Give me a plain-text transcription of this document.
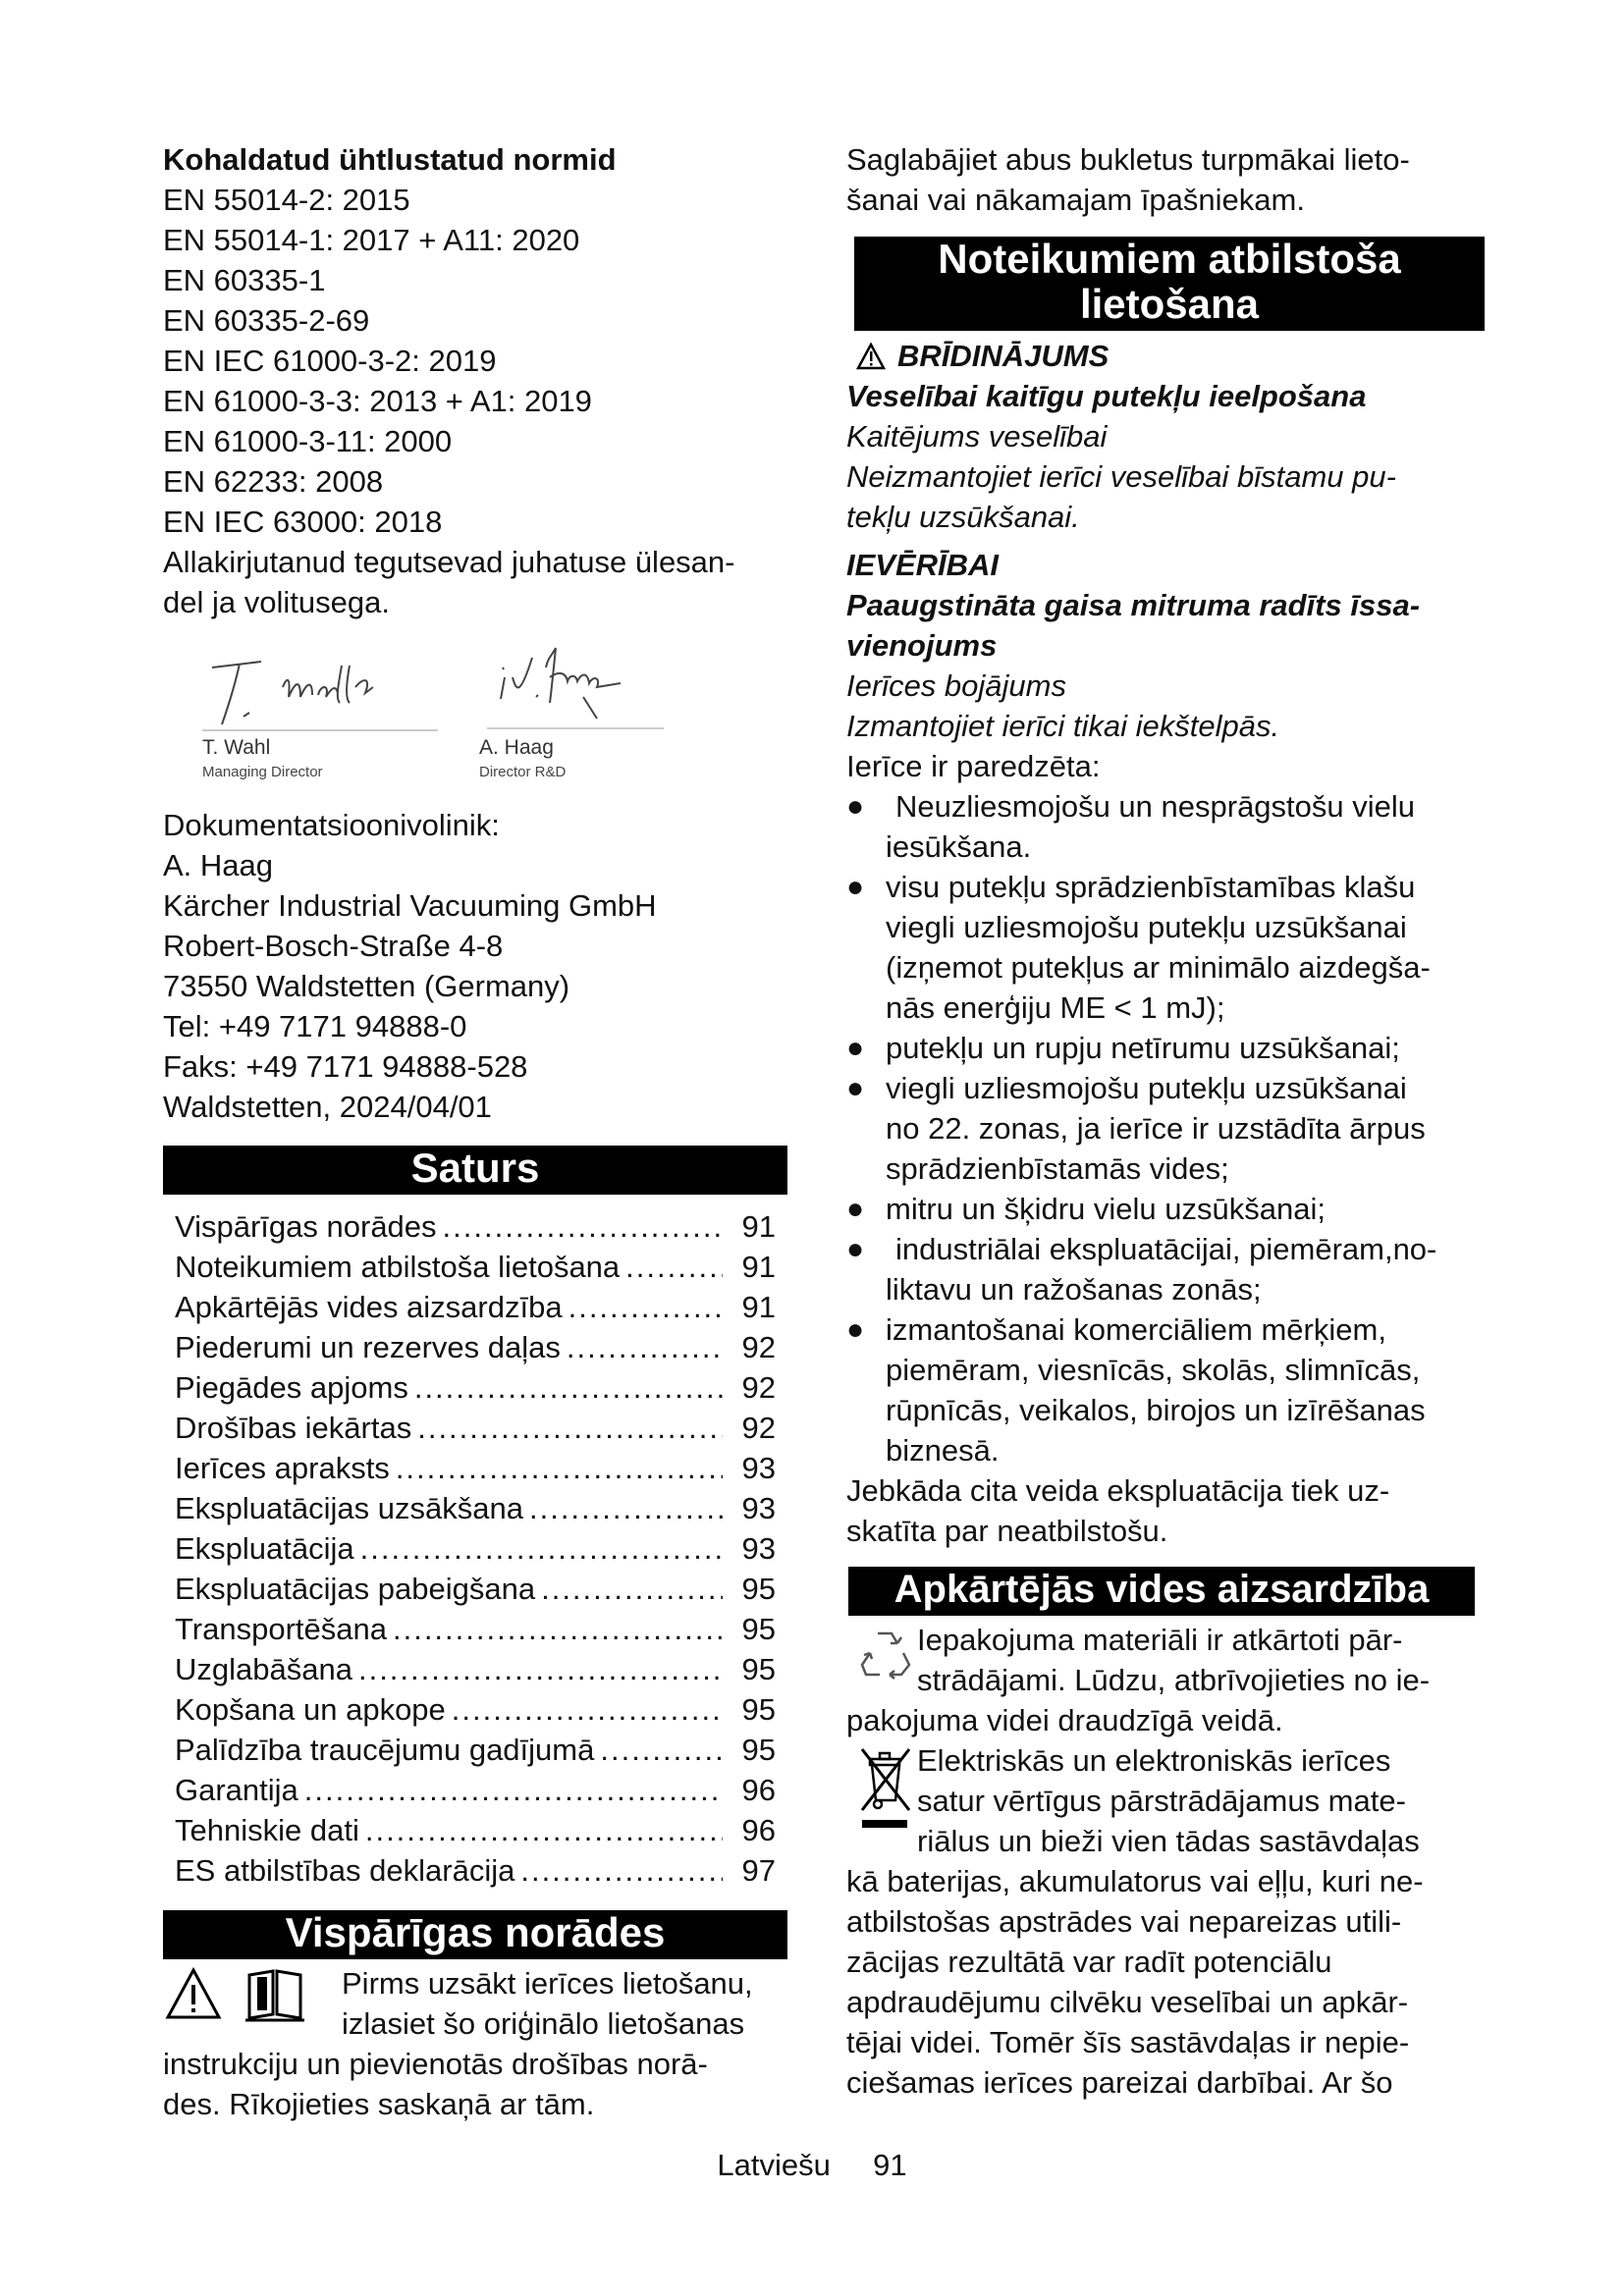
Kohaldatud ühtlustatud normid
EN 55014-2: 2015
EN 55014-1: 2017 + A11: 2020
EN 60335-1
EN 60335-2-69
EN IEC 61000-3-2: 2019
EN 61000-3-3: 2013 + A1: 2019
EN 61000-3-11: 2000
EN 62233: 2008
EN IEC 63000: 2018
Allakirjutanud tegutsevad juhatuse ülesan-
del ja volitusega.
T. Wahl
Managing Director
A. Haag
Director R&D
Dokumentatsioonivolinik:
A. Haag
Kärcher Industrial Vacuuming GmbH
Robert-Bosch-Straße 4-8
73550 Waldstetten (Germany)
Tel: +49 7171 94888-0
Faks: +49 7171 94888-528
Waldstetten, 2024/04/01
Saturs
Vispārīgas norādes .....	91
Noteikumiem atbilstoša lietošana .....	91
Apkārtējās vides aizsardzība .....	91
Piederumi un rezerves daļas .....	92
Piegādes apjoms .....	92
Drošības iekārtas .....	92
Ierīces apraksts .....	93
Ekspluatācijas uzsākšana .....	93
Ekspluatācija .....	93
Ekspluatācijas pabeigšana .....	95
Transportēšana .....	95
Uzglabāšana .....	95
Kopšana un apkope .....	95
Palīdzība traucējumu gadījumā .....	95
Garantija .....	96
Tehniskie dati .....	96
ES atbilstības deklarācija .....	97
Vispārīgas norādes
Pirms uzsākt ierīces lietošanu,
izlasiet šo oriģinālo lietošanas
instrukciju un pievienotās drošības norā-
des. Rīkojieties saskaņā ar tām.
Saglabājiet abus bukletus turpmākai lieto-
šanai vai nākamajam īpašniekam.
Noteikumiem atbilstoša
lietošana
BRĪDINĀJUMS
Veselībai kaitīgu putekļu ieelpošana
Kaitējums veselībai
Neizmantojiet ierīci veselībai bīstamu pu-
tekļu uzsūkšanai.
IEVĒRĪBAI
Paaugstināta gaisa mitruma radīts īssa-
vienojums
Ierīces bojājums
Izmantojiet ierīci tikai iekštelpās.
Ierīce ir paredzēta:
● Neuzliesmojošu un nesprāgstošu vielu
iesūkšana.
● visu putekļu sprādzienbīstamības klašu
viegli uzliesmojošu putekļu uzsūkšanai
(izņemot putekļus ar minimālo aizdegša-
nās enerģiju ME < 1 mJ);
● putekļu un rupju netīrumu uzsūkšanai;
● viegli uzliesmojošu putekļu uzsūkšanai
no 22. zonas, ja ierīce ir uzstādīta ārpus
sprādzienbīstamās vides;
● mitru un šķidru vielu uzsūkšanai;
● industriālai ekspluatācijai, piemēram,no-
liktavu un ražošanas zonās;
● izmantošanai komerciāliem mērķiem,
piemēram, viesnīcās, skolās, slimnīcās,
rūpnīcās, veikalos, birojos un izīrēšanas
biznesā.
Jebkāda cita veida ekspluatācija tiek uz-
skatīta par neatbilstošu.
Apkārtējās vides aizsardzība
Iepakojuma materiāli ir atkārtoti pār-
strādājami. Lūdzu, atbrīvojieties no ie-
pakojuma videi draudzīgā veidā.
Elektriskās un elektroniskās ierīces
satur vērtīgus pārstrādājamus mate-
riālus un bieži vien tādas sastāvdaļas
kā baterijas, akumulatorus vai eļļu, kuri ne-
atbilstošas apstrādes vai nepareizas utili-
zācijas rezultātā var radīt potenciālu
apdraudējumu cilvēku veselībai un apkār-
tējai videi. Tomēr šīs sastāvdaļas ir nepie-
ciešamas ierīces pareizai darbībai. Ar šo
Latviešu 91
